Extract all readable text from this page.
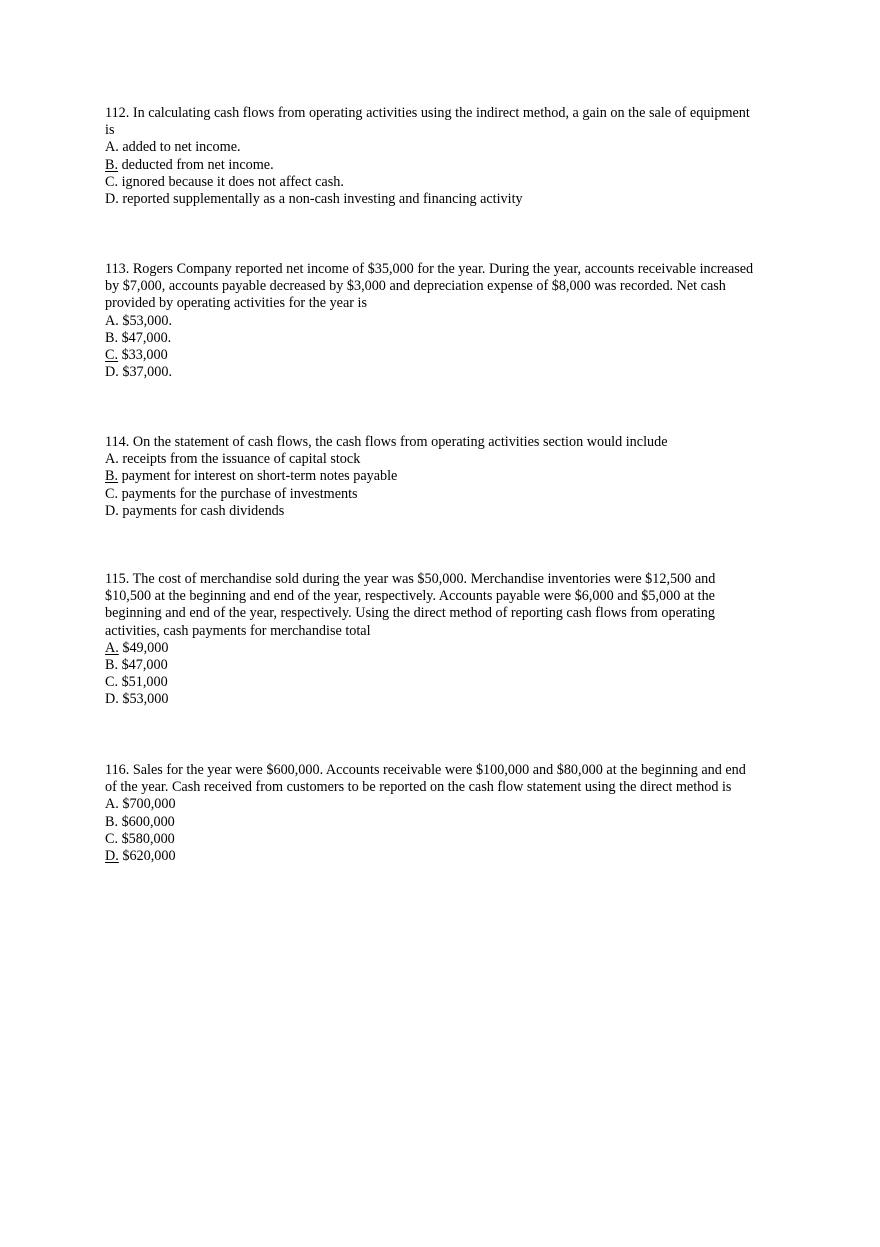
112. In calculating cash flows from operating activities using the indirect method, a gain on the sale of equipment is

A. added to net income.

B. deducted from net income.

C. ignored because it does not affect cash.

D. reported supplementally as a non-cash investing and financing activity

113. Rogers Company reported net income of $35,000 for the year. During the year, accounts receivable increased by $7,000, accounts payable decreased by $3,000 and depreciation expense of $8,000 was recorded. Net cash provided by operating activities for the year is

A. $53,000.

B. $47,000.

C. $33,000

D. $37,000.

114. On the statement of cash flows, the cash flows from operating activities section would include

A. receipts from the issuance of capital stock

B. payment for interest on short-term notes payable

C. payments for the purchase of investments

D. payments for cash dividends

115. The cost of merchandise sold during the year was $50,000. Merchandise inventories were $12,500 and $10,500 at the beginning and end of the year, respectively. Accounts payable were $6,000 and $5,000 at the beginning and end of the year, respectively. Using the direct method of reporting cash flows from operating activities, cash payments for merchandise total

A. $49,000

B. $47,000

C. $51,000

D. $53,000

116. Sales for the year were $600,000. Accounts receivable were $100,000 and $80,000 at the beginning and end of the year. Cash received from customers to be reported on the cash flow statement using the direct method is

A. $700,000

B. $600,000

C. $580,000

D. $620,000
